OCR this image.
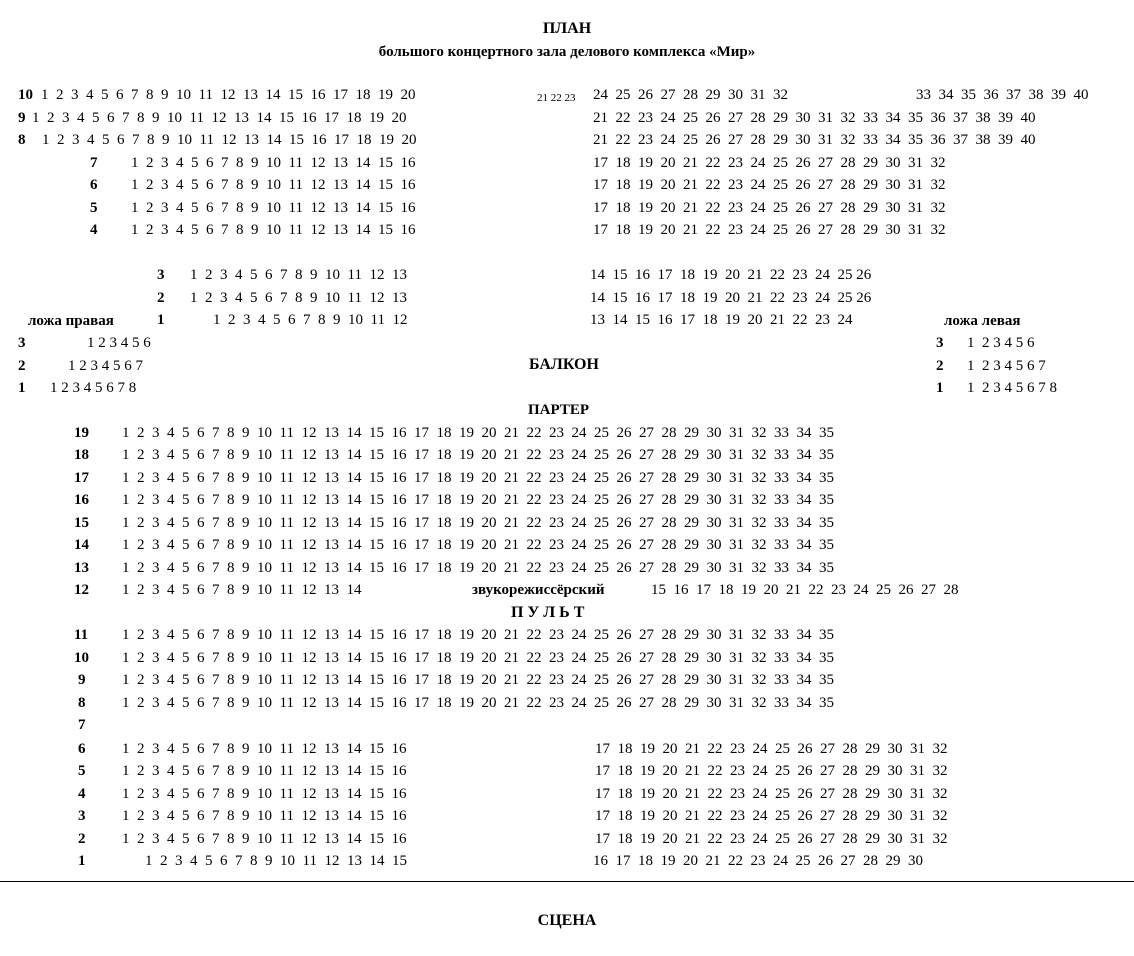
ПЛАН
большого концертного зала делового комплекса «Мир»
10 1  2  3  4  5  6  7  8  9  10  11  12  13  14  15  16  17  18  19  20	21 22 23 24  25  26  27  28  29  30  31  32	33  34  35  36  37  38  39  40
9 1  2  3  4  5  6  7  8  9  10  11  12  13  14  15  16  17  18  19  20	21  22  23  24  25  26  27  28  29  30  31  32  33  34  35  36  37  38  39  40
8 1  2  3  4  5  6  7  8  9  10  11  12  13  14  15  16  17  18  19  20	21  22  23  24  25  26  27  28  29  30  31  32  33  34  35  36  37  38  39  40
7 1  2  3  4  5  6  7  8  9  10  11  12  13  14  15  16	17  18  19  20  21  22  23  24  25  26  27  28  29  30  31  32
6 1  2  3  4  5  6  7  8  9  10  11  12  13  14  15  16	17  18  19  20  21  22  23  24  25  26  27  28  29  30  31  32
5 1  2  3  4  5  6  7  8  9  10  11  12  13  14  15  16	17  18  19  20  21  22  23  24  25  26  27  28  29  30  31  32
4 1  2  3  4  5  6  7  8  9  10  11  12  13  14  15  16	17  18  19  20  21  22  23  24  25  26  27  28  29  30  31  32
3 1  2  3  4  5  6  7  8  9  10  11  12  13	14  15  16  17  18  19  20  21  22  23  24  25 26
2 1  2  3  4  5  6  7  8  9  10  11  12  13	14  15  16  17  18  19  20  21  22  23  24  25 26
1	1  2  3  4  5  6  7  8  9  10  11  12	13  14  15  16  17  18  19  20  21  22  23  24
ложа правая	ложа левая
3	1 2 3 4 5 6
2	1 2 3 4 5 6 7
1 1 2 3 4 5 6 7 8
3 1  2 3 4 5 6
2 1  2 3 4 5 6 7
1 1  2 3 4 5 6 7 8
БАЛКОН
ПАРТЕР
19 1  2  3  4  5  6  7  8  9  10  11  12  13  14  15  16  17  18  19  20  21  22  23  24  25  26  27  28  29  30  31  32  33  34  35
18 1  2  3  4  5  6  7  8  9  10  11  12  13  14  15  16  17  18  19  20  21  22  23  24  25  26  27  28  29  30  31  32  33  34  35
17 1  2  3  4  5  6  7  8  9  10  11  12  13  14  15  16  17  18  19  20  21  22  23  24  25  26  27  28  29  30  31  32  33  34  35
16 1  2  3  4  5  6  7  8  9  10  11  12  13  14  15  16  17  18  19  20  21  22  23  24  25  26  27  28  29  30  31  32  33  34  35
15 1  2  3  4  5  6  7  8  9  10  11  12  13  14  15  16  17  18  19  20  21  22  23  24  25  26  27  28  29  30  31  32  33  34  35
14 1  2  3  4  5  6  7  8  9  10  11  12  13  14  15  16  17  18  19  20  21  22  23  24  25  26  27  28  29  30  31  32  33  34  35
13 1  2  3  4  5  6  7  8  9  10  11  12  13  14  15  16  17  18  19  20  21  22  23  24  25  26  27  28  29  30  31  32  33  34  35
12 1  2  3  4  5  6  7  8  9  10  11  12  13  14	звукорежиссёрский	15  16  17  18  19  20  21  22  23  24  25  26  27  28
П У Л Ь Т
11 1  2  3  4  5  6  7  8  9  10  11  12  13  14  15  16  17  18  19  20  21  22  23  24  25  26  27  28  29  30  31  32  33  34  35
10 1  2  3  4  5  6  7  8  9  10  11  12  13  14  15  16  17  18  19  20  21  22  23  24  25  26  27  28  29  30  31  32  33  34  35
9 1  2  3  4  5  6  7  8  9  10  11  12  13  14  15  16  17  18  19  20  21  22  23  24  25  26  27  28  29  30  31  32  33  34  35
8 1  2  3  4  5  6  7  8  9  10  11  12  13  14  15  16  17  18  19  20  21  22  23  24  25  26  27  28  29  30  31  32  33  34  35
7
6 1  2  3  4  5  6  7  8  9  10  11  12  13  14  15  16	17  18  19  20  21  22  23  24  25  26  27  28  29  30  31  32
5 1  2  3  4  5  6  7  8  9  10  11  12  13  14  15  16	17  18  19  20  21  22  23  24  25  26  27  28  29  30  31  32
4 1  2  3  4  5  6  7  8  9  10  11  12  13  14  15  16	17  18  19  20  21  22  23  24  25  26  27  28  29  30  31  32
3 1  2  3  4  5  6  7  8  9  10  11  12  13  14  15  16	17  18  19  20  21  22  23  24  25  26  27  28  29  30  31  32
2 1  2  3  4  5  6  7  8  9  10  11  12  13  14  15  16	17  18  19  20  21  22  23  24  25  26  27  28  29  30  31  32
1	1  2  3  4  5  6  7  8  9  10  11  12  13  14  15	16  17  18  19  20  21  22  23  24  25  26  27  28  29  30
СЦЕНА
